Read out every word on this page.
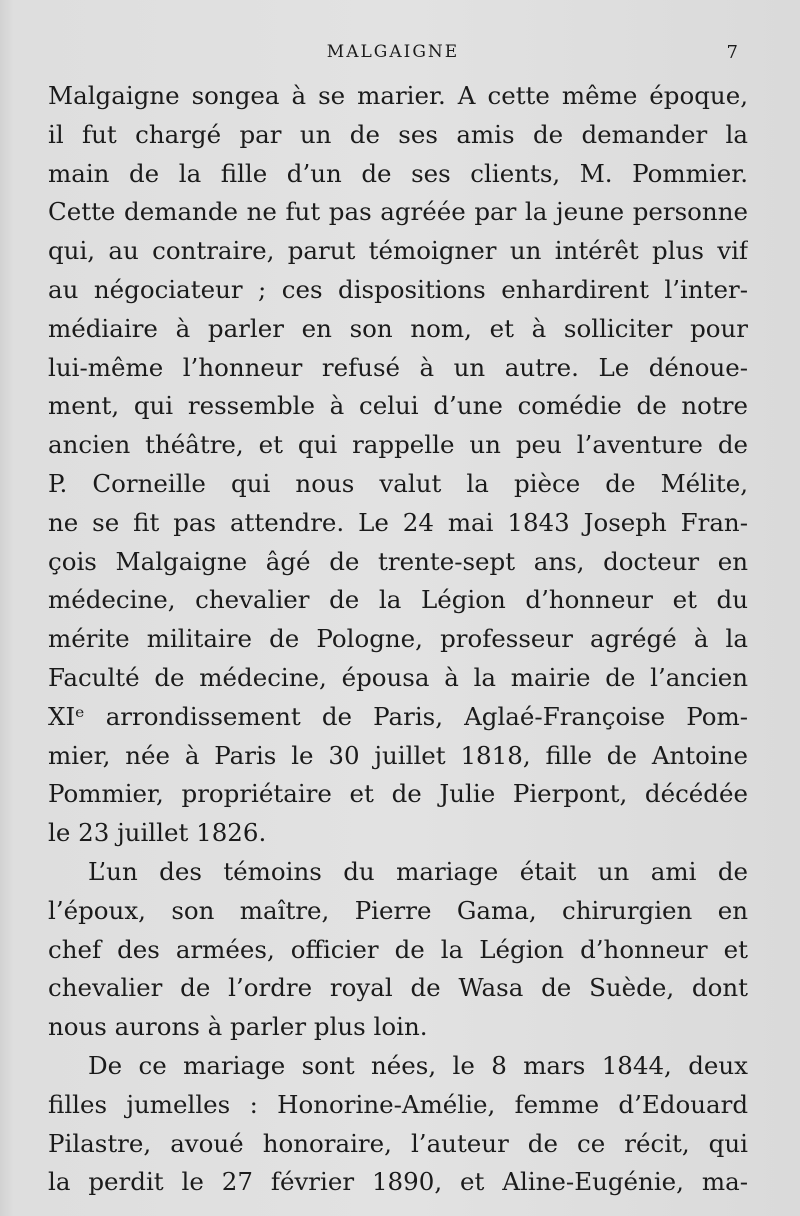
MALGAIGNE	7
Malgaigne songea à se marier. A cette même époque,
il fut chargé par un de ses amis de demander la
main de la fille d’un de ses clients, M. Pommier.
Cette demande ne fut pas agréée par la jeune personne
qui, au contraire, parut témoigner un intérêt plus vif
au négociateur ; ces dispositions enhardirent l’inter-
médiaire à parler en son nom, et à solliciter pour
lui-même l’honneur refusé à un autre. Le dénoue-
ment, qui ressemble à celui d’une comédie de notre
ancien théâtre, et qui rappelle un peu l’aventure de
P. Corneille qui nous valut la pièce de Mélite,
ne se fit pas attendre. Le 24 mai 1843 Joseph Fran-
çois Malgaigne âgé de trente-sept ans, docteur en
médecine, chevalier de la Légion d’honneur et du
mérite militaire de Pologne, professeur agrégé à la
Faculté de médecine, épousa à la mairie de l’ancien
XIᵉ arrondissement de Paris, Aglaé-Françoise Pom-
mier, née à Paris le 30 juillet 1818, fille de Antoine
Pommier, propriétaire et de Julie Pierpont, décédée
le 23 juillet 1826.
L’un des témoins du mariage était un ami de
l’époux, son maître, Pierre Gama, chirurgien en
chef des armées, officier de la Légion d’honneur et
chevalier de l’ordre royal de Wasa de Suède, dont
nous aurons à parler plus loin.
De ce mariage sont nées, le 8 mars 1844, deux
filles jumelles : Honorine-Amélie, femme d’Edouard
Pilastre, avoué honoraire, l’auteur de ce récit, qui
la perdit le 27 février 1890, et Aline-Eugénie, ma-
